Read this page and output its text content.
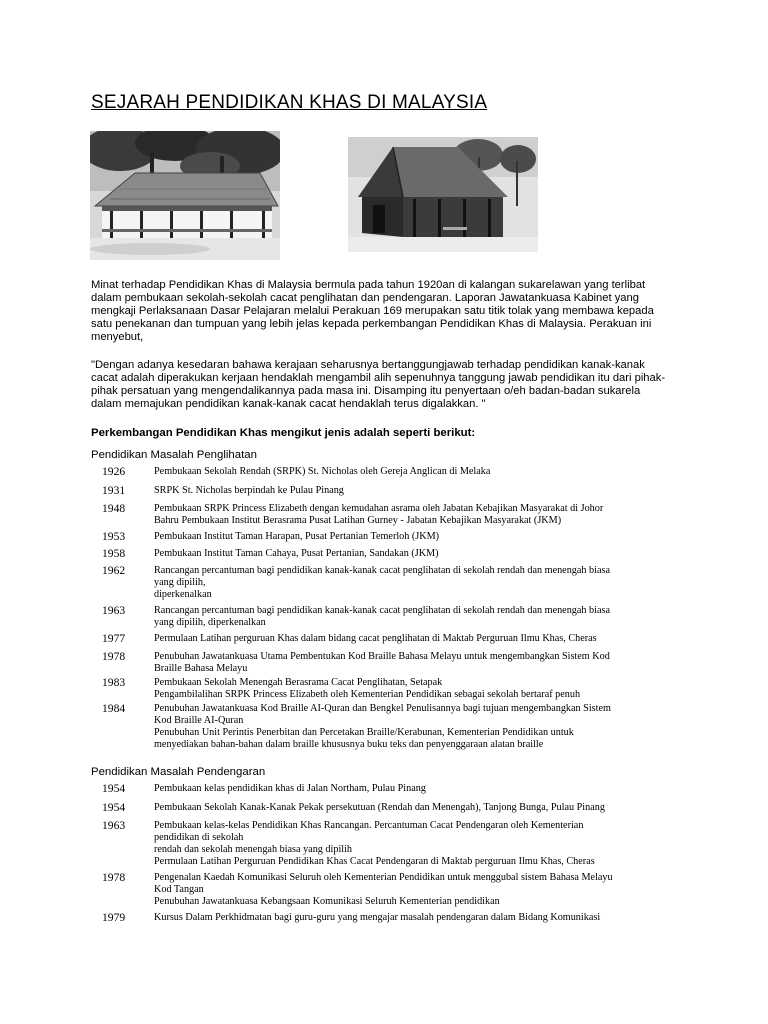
SEJARAH PENDIDIKAN KHAS DI MALAYSIA

Minat terhadap Pendidikan Khas di Malaysia bermula pada tahun 1920an di kalangan sukarelawan yang terlibat
dalam pembukaan sekolah-sekolah cacat penglihatan dan pendengaran. Laporan Jawatankuasa Kabinet yang
mengkaji Perlaksanaan Dasar Pelajaran melalui Perakuan 169 merupakan satu titik tolak yang membawa kepada
satu penekanan dan tumpuan yang lebih jelas kepada perkembangan Pendidikan Khas di Malaysia. Perakuan ini
menyebut,

"Dengan adanya kesedaran bahawa kerajaan seharusnya bertanggungjawab terhadap pendidikan kanak-kanak
cacat adalah diperakukan kerjaan hendaklah mengambil alih sepenuhnya tanggung jawab pendidikan itu dari pihak-
pihak persatuan yang mengendalikannya pada masa ini. Disamping itu penyertaan o/eh badan-badan sukarela
dalam memajukan pendidikan kanak-kanak cacat hendaklah terus digalakkan. "

Perkembangan Pendidikan Khas mengikut jenis adalah seperti berikut:

Pendidikan Masalah Penglihatan

1926	Pembukaan Sekolah Rendah (SRPK) St. Nicholas oleh Gereja Anglican di Melaka
1931	SRPK St. Nicholas berpindah ke Pulau Pinang
1948	Pembukaan SRPK Princess Elizabeth dengan kemudahan asrama oleh Jabatan Kebajikan Masyarakat di Johor
Bahru Pembukaan Institut Berasrama Pusat Latihan Gurney - Jabatan Kebajikan Masyarakat (JKM)
1953	Pembukaan Institut Taman Harapan, Pusat Pertanian Temerloh (JKM)
1958	Pembukaan Institut Taman Cahaya, Pusat Pertanian, Sandakan (JKM)
1962	Rancangan percantuman bagi pendidikan kanak-kanak cacat penglihatan di sekolah rendah dan menengah biasa
yang dipilih,
diperkenalkan
1963	Rancangan percantuman bagi pendidikan kanak-kanak cacat penglihatan di sekolah rendah dan menengah biasa
yang dipilih, diperkenalkan
1977	Permulaan Latihan perguruan Khas dalam bidang cacat penglihatan di Maktab Perguruan Ilmu Khas, Cheras
1978	Penubuhan Jawatankuasa Utama Pembentukan Kod Braille Bahasa Melayu untuk mengembangkan Sistem Kod
Braille Bahasa Melayu
1983	Pembukaan Sekolah Menengah Berasrama Cacat Penglihatan, Setapak
Pengambilalihan SRPK Princess Elizabeth oleh Kementerian Pendidikan sebagai sekolah bertaraf penuh
1984	Penubuhan Jawatankuasa Kod Braille AI-Quran dan Bengkel Penulisannya bagi tujuan mengembangkan Sistem
Kod Braille AI-Quran
Penubuhan Unit Perintis Penerbitan dan Percetakan Braille/Kerabunan, Kementerian Pendidikan untuk
menyediakan bahan-bahan dalam braille khususnya buku teks dan penyenggaraan alatan braille

Pendidikan Masalah Pendengaran

1954	Pembukaan kelas pendidikan khas di Jalan Northam, Pulau Pinang
1954	Pembukaan Sekolah Kanak-Kanak Pekak persekutuan (Rendah dan Menengah), Tanjong Bunga, Pulau Pinang
1963	Pembukaan kelas-kelas Pendidikan Khas Rancangan. Percantuman Cacat Pendengaran oleh Kementerian
pendidikan di sekolah
rendah dan sekolah menengah biasa yang dipilih
Permulaan Latihan Perguruan Pendidikan Khas Cacat Pendengaran di Maktab perguruan Ilmu Khas, Cheras
1978	Pengenalan Kaedah Komunikasi Seluruh oleh Kementerian Pendidikan untuk menggubal sistem Bahasa Melayu
Kod Tangan
Penubuhan Jawatankuasa Kebangsaan Komunikasi Seluruh Kementerian pendidikan
1979	Kursus Dalam Perkhidmatan bagi guru-guru yang mengajar masalah pendengaran dalam Bidang Komunikasi
